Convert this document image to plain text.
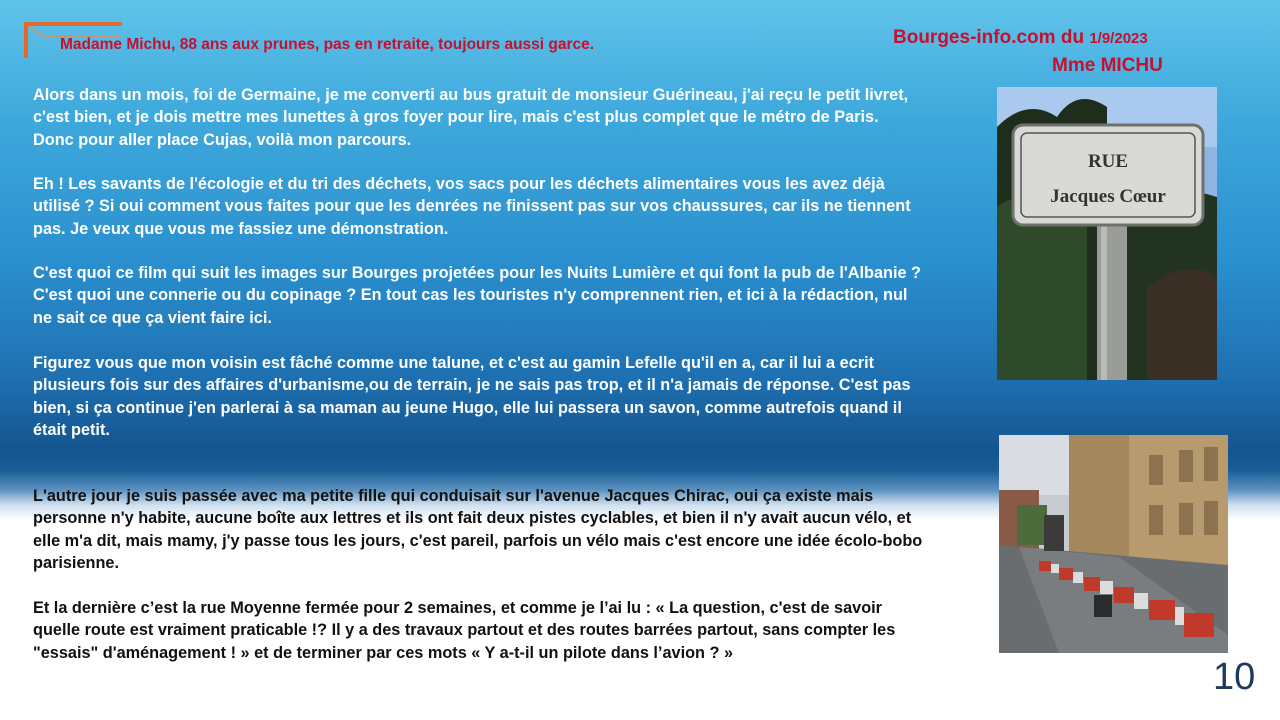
Madame Michu, 88 ans aux prunes, pas en retraite, toujours aussi garce.	Bourges-info.com du 1/9/2023
Mme MICHU
Alors dans un mois, foi de Germaine, je me converti au bus gratuit de monsieur Guérineau, j'ai reçu le petit livret, c'est bien, et je dois mettre mes lunettes à gros foyer pour lire, mais c'est plus complet que le métro de Paris. Donc pour aller place Cujas, voilà mon parcours.
Eh ! Les savants de l'écologie et du tri des déchets, vos sacs pour les déchets alimentaires vous les avez déjà utilisé ? Si oui comment vous faites pour que les denrées ne finissent pas sur vos chaussures, car ils ne tiennent pas. Je veux que vous me fassiez une démonstration.
C'est quoi ce film qui suit les images sur Bourges projetées pour les Nuits Lumière et qui font la pub de l'Albanie ? C'est quoi une connerie ou du copinage ? En tout cas les touristes n'y comprennent rien, et ici à la rédaction, nul ne sait ce que ça vient faire ici.
Figurez vous que mon voisin est fâché comme une talune, et c'est au gamin Lefelle qu'il en a, car il lui a ecrit plusieurs fois sur des affaires d'urbanisme,ou de terrain, je ne sais pas trop, et il n'a jamais de réponse. C'est pas bien, si ça continue j'en parlerai à sa maman au jeune Hugo, elle lui passera un savon, comme autrefois quand il était petit.
L'autre jour je suis passée avec ma petite fille qui conduisait sur l'avenue Jacques Chirac, oui ça existe mais personne n'y habite, aucune boîte aux lettres et ils ont fait deux pistes cyclables, et bien il n'y avait aucun vélo, et elle m'a dit, mais mamy, j'y passe tous les jours, c'est pareil, parfois un vélo mais c'est encore une idée écolo-bobo parisienne.
Et la dernière c’est la rue Moyenne fermée pour 2 semaines, et comme je l’ai lu : « La question, c'est de savoir quelle route est vraiment praticable !? Il y a des travaux partout et des routes barrées partout, sans compter les "essais" d'aménagement ! » et de terminer par ces mots « Y a-t-il un pilote dans l’avion ? »
RUE
Jacques Cœur
10
